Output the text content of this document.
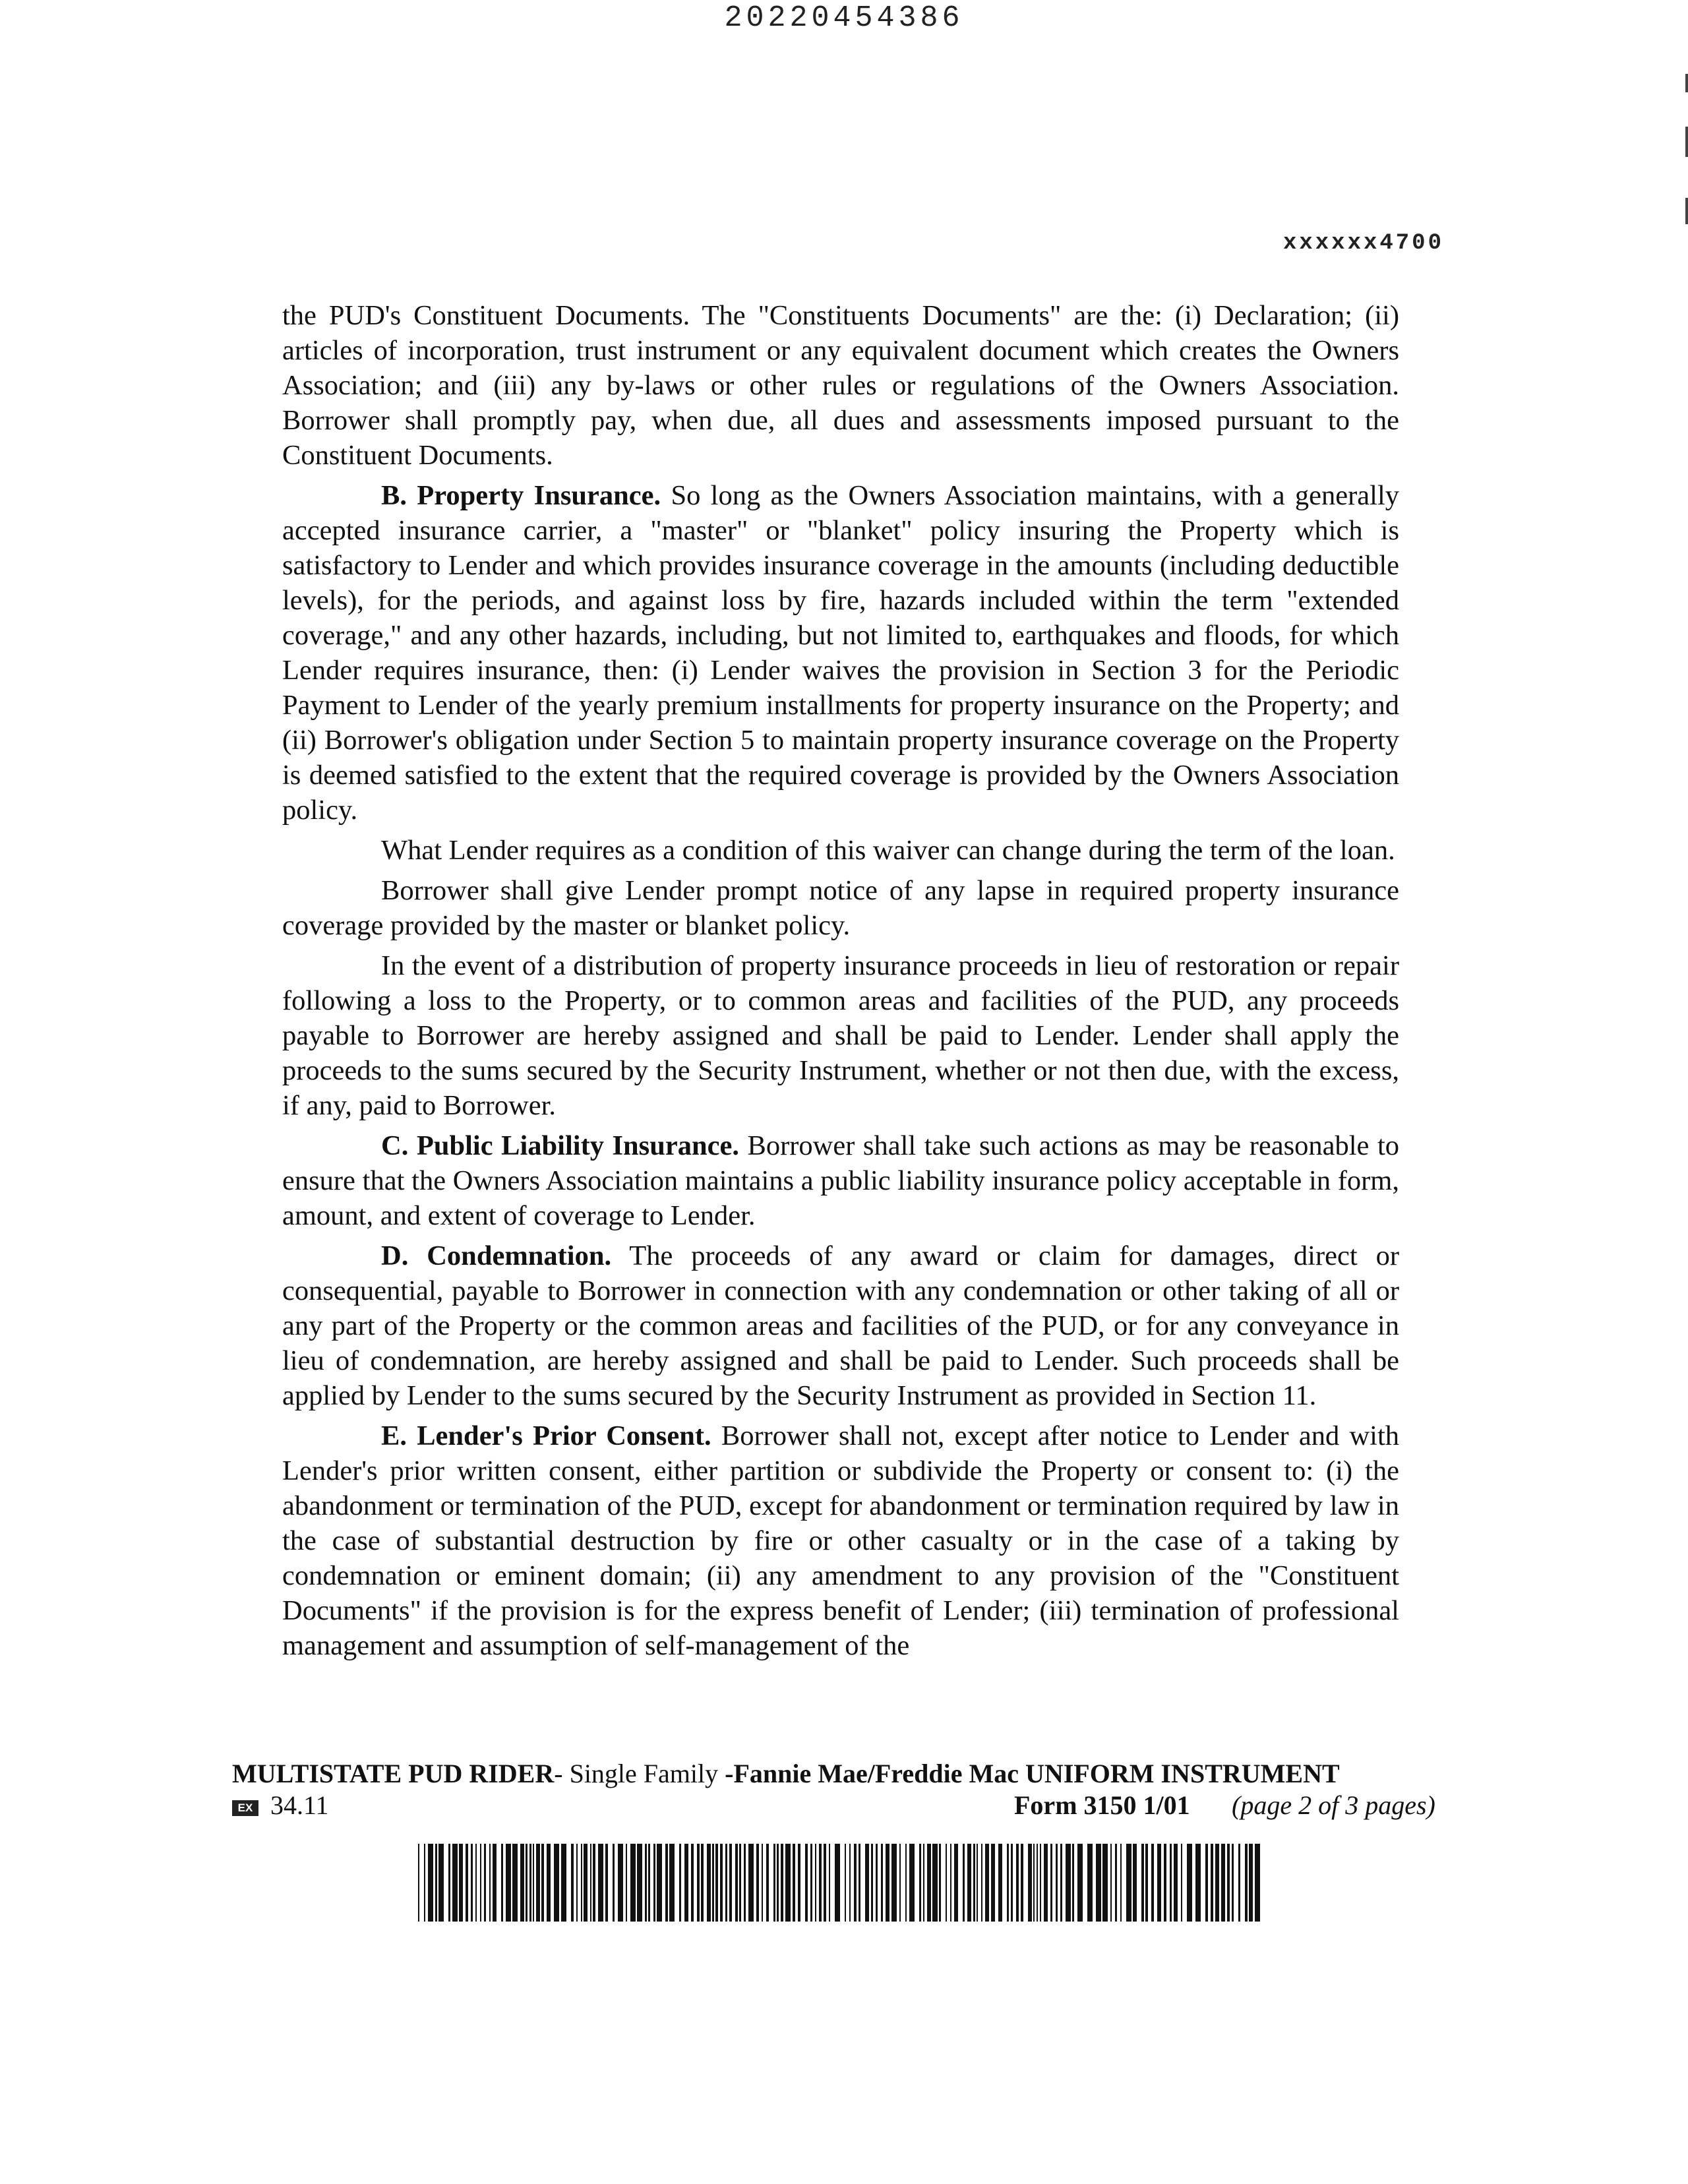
20220454386
xxxxxx4700

the PUD's Constituent Documents. The "Constituents Documents" are the: (i) Declaration; (ii) articles of incorporation, trust instrument or any equivalent document which creates the Owners Association; and (iii) any by-laws or other rules or regulations of the Owners Association. Borrower shall promptly pay, when due, all dues and assessments imposed pursuant to the Constituent Documents.

B. Property Insurance. So long as the Owners Association maintains, with a generally accepted insurance carrier, a "master" or "blanket" policy insuring the Property which is satisfactory to Lender and which provides insurance coverage in the amounts (including deductible levels), for the periods, and against loss by fire, hazards included within the term "extended coverage," and any other hazards, including, but not limited to, earthquakes and floods, for which Lender requires insurance, then: (i) Lender waives the provision in Section 3 for the Periodic Payment to Lender of the yearly premium installments for property insurance on the Property; and (ii) Borrower's obligation under Section 5 to maintain property insurance coverage on the Property is deemed satisfied to the extent that the required coverage is provided by the Owners Association policy.

What Lender requires as a condition of this waiver can change during the term of the loan.

Borrower shall give Lender prompt notice of any lapse in required property insurance coverage provided by the master or blanket policy.

In the event of a distribution of property insurance proceeds in lieu of restoration or repair following a loss to the Property, or to common areas and facilities of the PUD, any proceeds payable to Borrower are hereby assigned and shall be paid to Lender. Lender shall apply the proceeds to the sums secured by the Security Instrument, whether or not then due, with the excess, if any, paid to Borrower.

C. Public Liability Insurance. Borrower shall take such actions as may be reasonable to ensure that the Owners Association maintains a public liability insurance policy acceptable in form, amount, and extent of coverage to Lender.

D. Condemnation. The proceeds of any award or claim for damages, direct or consequential, payable to Borrower in connection with any condemnation or other taking of all or any part of the Property or the common areas and facilities of the PUD, or for any conveyance in lieu of condemnation, are hereby assigned and shall be paid to Lender. Such proceeds shall be applied by Lender to the sums secured by the Security Instrument as provided in Section 11.

E. Lender's Prior Consent. Borrower shall not, except after notice to Lender and with Lender's prior written consent, either partition or subdivide the Property or consent to: (i) the abandonment or termination of the PUD, except for abandonment or termination required by law in the case of substantial destruction by fire or other casualty or in the case of a taking by condemnation or eminent domain; (ii) any amendment to any provision of the "Constituent Documents" if the provision is for the express benefit of Lender; (iii) termination of professional management and assumption of self-management of the

MULTISTATE PUD RIDER- Single Family -Fannie Mae/Freddie Mac UNIFORM INSTRUMENT
EX 34.11	Form 3150 1/01 (page 2 of 3 pages)
